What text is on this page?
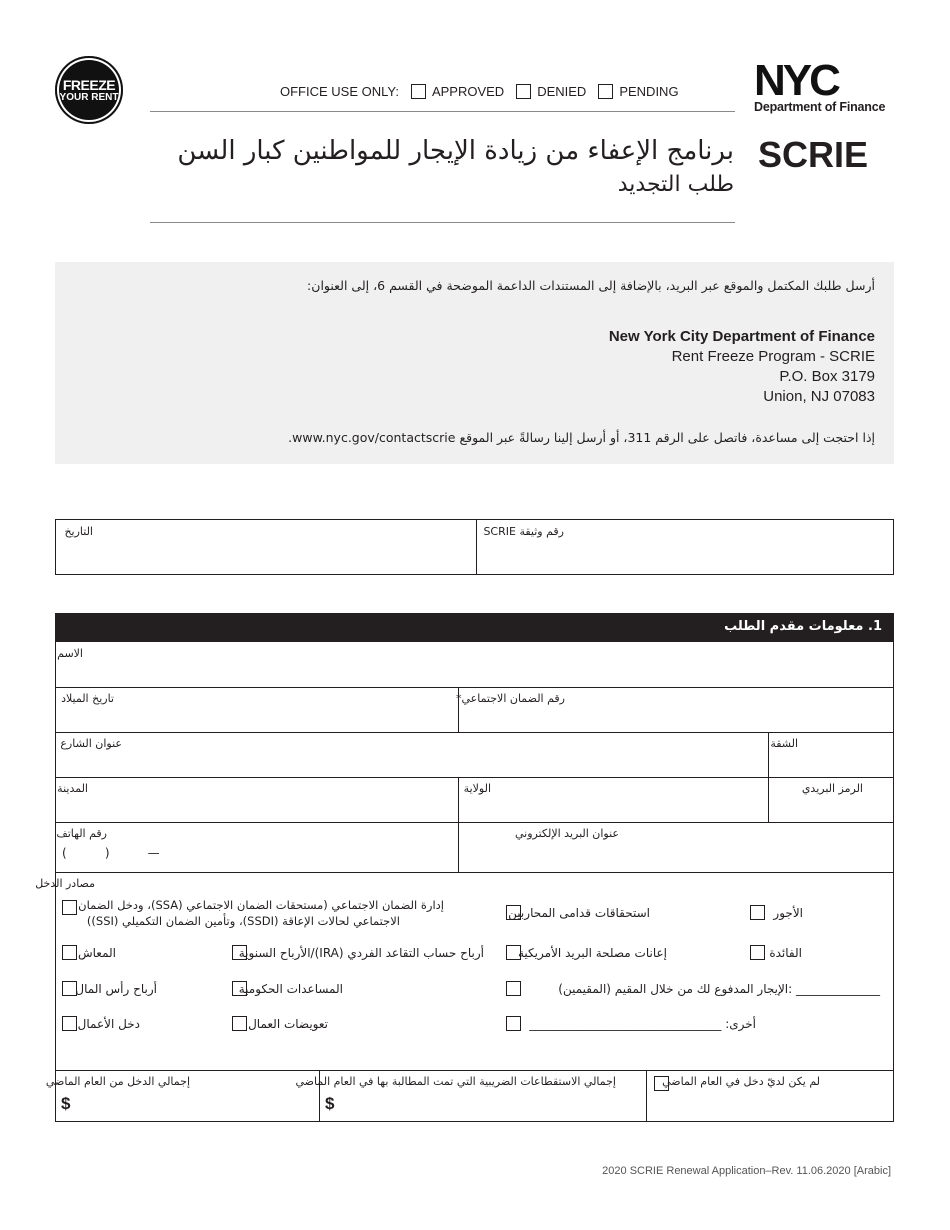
FREEZE
YOUR RENT	OFFICE USE ONLY:	APPROVED	DENIED	PENDING NYC
Department of Finance
SCRIE
برنامج الإعفاء من زيادة الإيجار للمواطنين كبار السن
طلب التجديد
أرسل طلبك المكتمل والموقع عبر البريد، بالإضافة إلى المستندات الداعمة الموضحة في القسم 6، إلى العنوان:
New York City Department of Finance
Rent Freeze Program - SCRIE
P.O. Box 3179
Union, NJ 07083
إذا احتجت إلى مساعدة، فاتصل على الرقم 311، أو أرسل إلينا رسالةً عبر الموقع www.nyc.gov/contactscrie.
رقم وثيقة SCRIE
التاريخ
1. معلومات مقدم الطلب
الاسم
رقم الضمان الاجتماعي*
تاريخ الميلاد
الشقة
عنوان الشارع
الرمز البريدي
الولاية
المدينة
عنوان البريد الإلكتروني
رقم الهاتف
(          )          —
مصادر الدخل
الأجور
استحقاقات قدامى المحاربين
إدارة الضمان الاجتماعي (مستحقات الضمان الاجتماعي (SSA)، ودخل الضمان
الاجتماعي لحالات الإعاقة (SSDI)، وتأمين الضمان التكميلي (SSI))
الفائدة
إعانات مصلحة البريد الأمريكية
أرباح حساب التقاعد الفردي (IRA)/الأرباح السنوية
المعاش
______________ :الإيجار المدفوع لك من خلال المقيم (المقيمين)
المساعدات الحكومية
أرباح رأس المال
أخرى: ________________________________
تعويضات العمال
دخل الأعمال
لم يكن لديّ دخل في العام الماضي
إجمالي الاستقطاعات الضريبية التي تمت المطالبة بها في العام الماضي
$
إجمالي الدخل من العام الماضي
$
2020 SCRIE Renewal Application–Rev. 11.06.2020 [Arabic]
